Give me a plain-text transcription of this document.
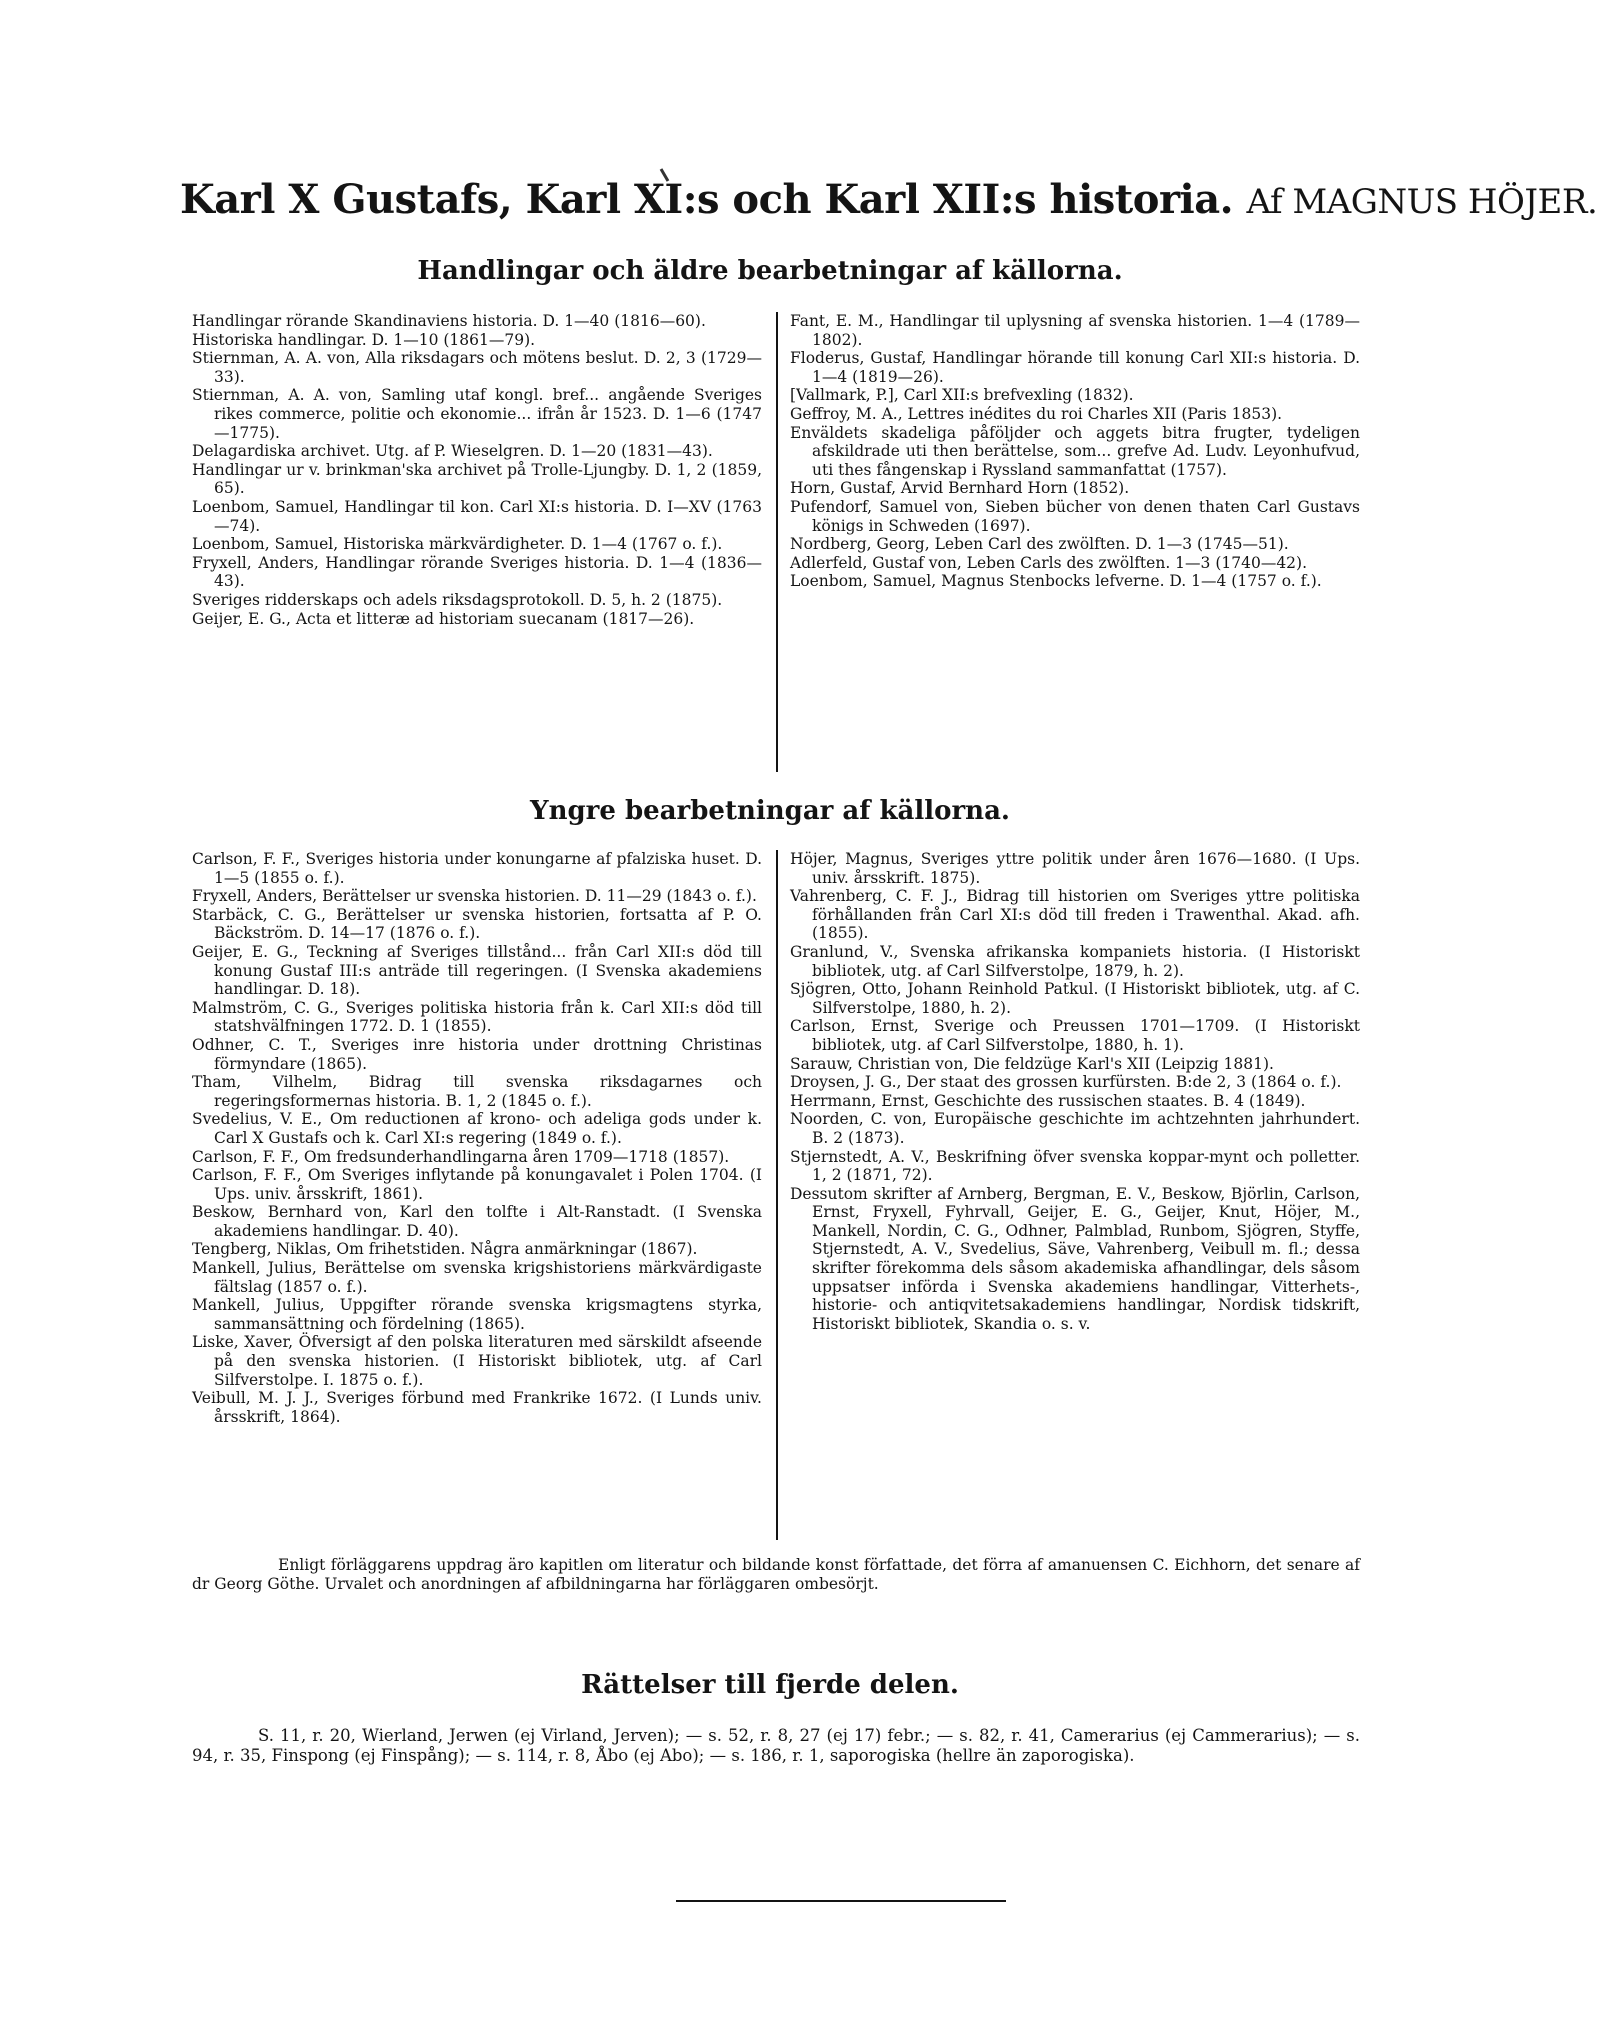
Karl X Gustafs, Karl XI:s och Karl XII:s historia. Af MAGNUS HÖJER.
Handlingar och äldre bearbetningar af källorna.

Handlingar rörande Skandinaviens historia. D. 1—40 (1816—60).

Historiska handlingar. D. 1—10 (1861—79).

Stiernman, A. A. von, Alla riksdagars och mötens beslut. D. 2, 3 (1729—33).

Stiernman, A. A. von, Samling utaf kongl. bref... angående Sveriges rikes commerce, politie och ekonomie... ifrån år 1523. D. 1—6 (1747—1775).

Delagardiska archivet. Utg. af P. Wieselgren. D. 1—20 (1831—43).

Handlingar ur v. brinkman'ska archivet på Trolle-Ljungby. D. 1, 2 (1859, 65).

Loenbom, Samuel, Handlingar til kon. Carl XI:s historia. D. I—XV (1763—74).

Loenbom, Samuel, Historiska märkvärdigheter. D. 1—4 (1767 o. f.).

Fryxell, Anders, Handlingar rörande Sveriges historia. D. 1—4 (1836—43).

Sveriges ridderskaps och adels riksdagsprotokoll. D. 5, h. 2 (1875).

Geijer, E. G., Acta et litteræ ad historiam suecanam (1817—26).

Fant, E. M., Handlingar til uplysning af svenska historien. 1—4 (1789—1802).

Floderus, Gustaf, Handlingar hörande till konung Carl XII:s historia. D. 1—4 (1819—26).

[Vallmark, P.], Carl XII:s brefvexling (1832).

Geffroy, M. A., Lettres inédites du roi Charles XII (Paris 1853).

Enväldets skadeliga påföljder och aggets bitra frugter, tydeligen afskildrade uti then berättelse, som... grefve Ad. Ludv. Leyonhufvud, uti thes fångenskap i Ryssland sammanfattat (1757).

Horn, Gustaf, Arvid Bernhard Horn (1852).

Pufendorf, Samuel von, Sieben bücher von denen thaten Carl Gustavs königs in Schweden (1697).

Nordberg, Georg, Leben Carl des zwölften. D. 1—3 (1745—51).

Adlerfeld, Gustaf von, Leben Carls des zwölften. 1—3 (1740—42).

Loenbom, Samuel, Magnus Stenbocks lefverne. D. 1—4 (1757 o. f.).

Yngre bearbetningar af källorna.

Carlson, F. F., Sveriges historia under konungarne af pfalziska huset. D. 1—5 (1855 o. f.).

Fryxell, Anders, Berättelser ur svenska historien. D. 11—29 (1843 o. f.).

Starbäck, C. G., Berättelser ur svenska historien, fortsatta af P. O. Bäckström. D. 14—17 (1876 o. f.).

Geijer, E. G., Teckning af Sveriges tillstånd... från Carl XII:s död till konung Gustaf III:s anträde till regeringen. (I Svenska akademiens handlingar. D. 18).

Malmström, C. G., Sveriges politiska historia från k. Carl XII:s död till statshvälfningen 1772. D. 1 (1855).

Odhner, C. T., Sveriges inre historia under drottning Christinas förmyndare (1865).

Tham, Vilhelm, Bidrag till svenska riksdagarnes och regeringsformernas historia. B. 1, 2 (1845 o. f.).

Svedelius, V. E., Om reductionen af krono- och adeliga gods under k. Carl X Gustafs och k. Carl XI:s regering (1849 o. f.).

Carlson, F. F., Om fredsunderhandlingarna åren 1709—1718 (1857).

Carlson, F. F., Om Sveriges inflytande på konungavalet i Polen 1704. (I Ups. univ. årsskrift, 1861).

Beskow, Bernhard von, Karl den tolfte i Alt-Ranstadt. (I Svenska akademiens handlingar. D. 40).

Tengberg, Niklas, Om frihetstiden. Några anmärkningar (1867).

Mankell, Julius, Berättelse om svenska krigshistoriens märkvärdigaste fältslag (1857 o. f.).

Mankell, Julius, Uppgifter rörande svenska krigsmagtens styrka, sammansättning och fördelning (1865).

Liske, Xaver, Öfversigt af den polska literaturen med särskildt afseende på den svenska historien. (I Historiskt bibliotek, utg. af Carl Silfverstolpe. I. 1875 o. f.).

Veibull, M. J. J., Sveriges förbund med Frankrike 1672. (I Lunds univ. årsskrift, 1864).

Höjer, Magnus, Sveriges yttre politik under åren 1676—1680. (I Ups. univ. årsskrift. 1875).

Vahrenberg, C. F. J., Bidrag till historien om Sveriges yttre politiska förhållanden från Carl XI:s död till freden i Trawenthal. Akad. afh. (1855).

Granlund, V., Svenska afrikanska kompaniets historia. (I Historiskt bibliotek, utg. af Carl Silfverstolpe, 1879, h. 2).

Sjögren, Otto, Johann Reinhold Patkul. (I Historiskt bibliotek, utg. af C. Silfverstolpe, 1880, h. 2).

Carlson, Ernst, Sverige och Preussen 1701—1709. (I Historiskt bibliotek, utg. af Carl Silfverstolpe, 1880, h. 1).

Sarauw, Christian von, Die feldzüge Karl's XII (Leipzig 1881).

Droysen, J. G., Der staat des grossen kurfürsten. B:de 2, 3 (1864 o. f.).

Herrmann, Ernst, Geschichte des russischen staates. B. 4 (1849).

Noorden, C. von, Europäische geschichte im achtzehnten jahrhundert. B. 2 (1873).

Stjernstedt, A. V., Beskrifning öfver svenska koppar-mynt och polletter. 1, 2 (1871, 72).

Dessutom skrifter af Arnberg, Bergman, E. V., Beskow, Björlin, Carlson, Ernst, Fryxell, Fyhrvall, Geijer, E. G., Geijer, Knut, Höjer, M., Mankell, Nordin, C. G., Odhner, Palmblad, Runbom, Sjögren, Styffe, Stjernstedt, A. V., Svedelius, Säve, Vahrenberg, Veibull m. fl.; dessa skrifter förekomma dels såsom akademiska afhandlingar, dels såsom uppsatser införda i Svenska akademiens handlingar, Vitterhets-, historie- och antiqvitetsakademiens handlingar, Nordisk tidskrift, Historiskt bibliotek, Skandia o. s. v.

Enligt förläggarens uppdrag äro kapitlen om literatur och bildande konst författade, det förra af amanuensen C. Eichhorn, det senare af dr Georg Göthe. Urvalet och anordningen af afbildningarna har förläggaren ombesörjt.
Rättelser till fjerde delen.
S. 11, r. 20, Wierland, Jerwen (ej Virland, Jerven); — s. 52, r. 8, 27 (ej 17) febr.; — s. 82, r. 41, Camerarius (ej Cammerarius); — s. 94, r. 35, Finspong (ej Finspång); — s. 114, r. 8, Åbo (ej Abo); — s. 186, r. 1, saporogiska (hellre än zaporogiska).
